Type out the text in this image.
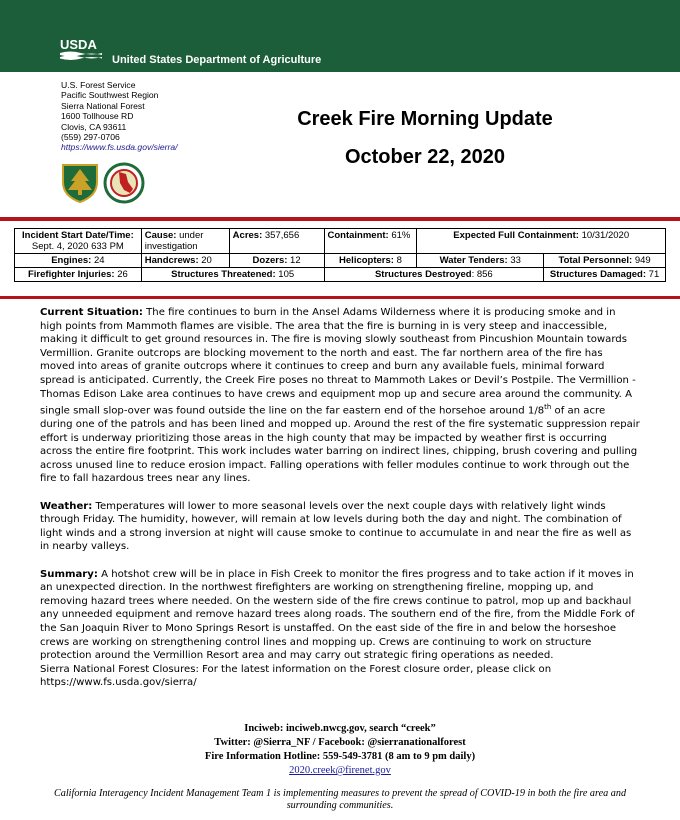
USDA
United States Department of Agriculture
U.S. Forest Service
Pacific Southwest Region
Sierra National Forest
1600 Tollhouse RD
Clovis, CA 93611
(559) 297-0706
https://www.fs.usda.gov/sierra/
Creek Fire Morning Update
October 22, 2020
Incident Start Date/Time:
Sept. 4, 2020 633 PM	Cause: under investigation	Acres: 357,656	Containment: 61%	Expected Full Containment: 10/31/2020	
Engines: 24	Handcrews: 20	Dozers: 12	Helicopters: 8	Water Tenders: 33	Total Personnel: 949
Firefighter Injuries: 26	Structures Threatened: 105		Structures Destroyed: 856		Structures Damaged: 71

Current Situation: The fire continues to burn in the Ansel Adams Wilderness where it is producing smoke and in high points from Mammoth flames are visible. The area that the fire is burning in is very steep and inaccessible, making it difficult to get ground resources in. The fire is moving slowly southeast from Pincushion Mountain towards Vermillion. Granite outcrops are blocking movement to the north and east. The far northern area of the fire has moved into areas of granite outcrops where it continues to creep and burn any available fuels, minimal forward spread is anticipated. Currently, the Creek Fire poses no threat to Mammoth Lakes or Devil’s Postpile. The Vermillion -Thomas Edison Lake area continues to have crews and equipment mop up and secure area around the community. A single small slop-over was found outside the line on the far eastern end of the horsehoe around 1/8th of an acre during one of the patrols and has been lined and mopped up. Around the rest of the fire systematic suppression repair effort is underway prioritizing those areas in the high county that may be impacted by weather first is occurring across the entire fire footprint. This work includes water barring on indirect lines, chipping, brush covering and pulling across unused line to reduce erosion impact. Falling operations with feller modules continue to work through out the fire to fall hazardous trees near any lines.

Weather: Temperatures will lower to more seasonal levels over the next couple days with relatively light winds through Friday. The humidity, however, will remain at low levels during both the day and night. The combination of light winds and a strong inversion at night will cause smoke to continue to accumulate in and near the fire as well as in nearby valleys.

Summary: A hotshot crew will be in place in Fish Creek to monitor the fires progress and to take action if it moves in an unexpected direction. In the northwest firefighters are working on strengthening fireline, mopping up, and removing hazard trees where needed. On the western side of the fire crews continue to patrol, mop up and backhaul any unneeded equipment and remove hazard trees along roads. The southern end of the fire, from the Middle Fork of the San Joaquin River to Mono Springs Resort is unstaffed. On the east side of the fire in and below the horseshoe crews are working on strengthening control lines and mopping up. Crews are continuing to work on structure protection around the Vermillion Resort area and may carry out strategic firing operations as needed.

Sierra National Forest Closures: For the latest information on the Forest closure order, please click on https://www.fs.usda.gov/sierra/

Inciweb: inciweb.nwcg.gov, search “creek”
Twitter: @Sierra_NF / Facebook: @sierranationalforest
Fire Information Hotline: 559-549-3781 (8 am to 9 pm daily)
2020.creek@firenet.gov
California Interagency Incident Management Team 1 is implementing measures to prevent the spread of COVID-19 in both the fire area and surrounding communities.
